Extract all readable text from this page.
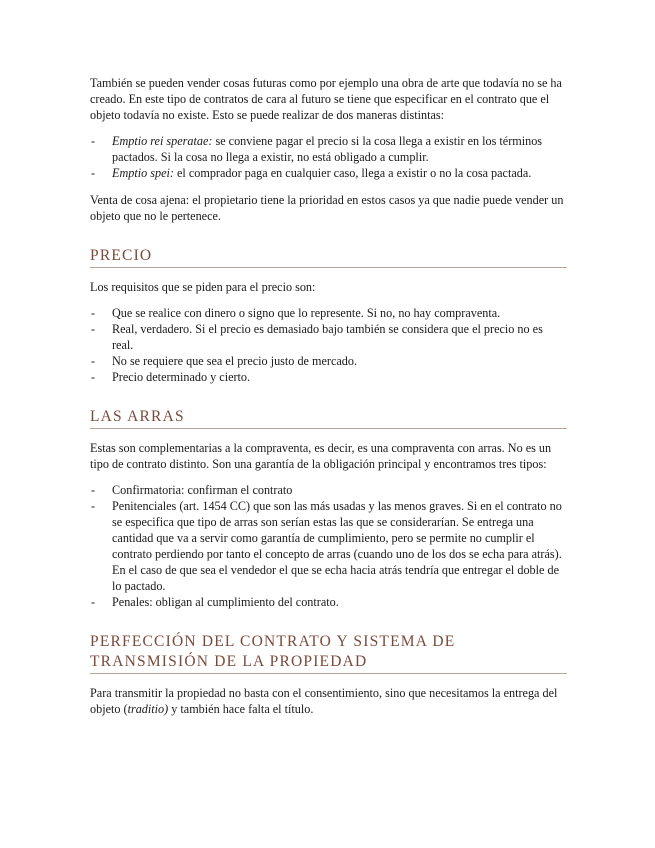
También se pueden vender cosas futuras como por ejemplo una obra de arte que todavía no se ha creado. En este tipo de contratos de cara al futuro se tiene que especificar en el contrato que el objeto todavía no existe. Esto se puede realizar de dos maneras distintas:

- Emptio rei speratae: se conviene pagar el precio si la cosa llega a existir en los términos pactados. Si la cosa no llega a existir, no está obligado a cumplir.
- Emptio spei: el comprador paga en cualquier caso, llega a existir o no la cosa pactada.

Venta de cosa ajena: el propietario tiene la prioridad en estos casos ya que nadie puede vender un objeto que no le pertenece.

PRECIO

Los requisitos que se piden para el precio son:

- Que se realice con dinero o signo que lo represente. Si no, no hay compraventa.
- Real, verdadero. Si el precio es demasiado bajo también se considera que el precio no es real.
- No se requiere que sea el precio justo de mercado.
- Precio determinado y cierto.
LAS ARRAS

Estas son complementarias a la compraventa, es decir, es una compraventa con arras. No es un tipo de contrato distinto. Son una garantía de la obligación principal y encontramos tres tipos:

- Confirmatoria: confirman el contrato
- Penitenciales (art. 1454 CC) que son las más usadas y las menos graves. Si en el contrato no se especifica que tipo de arras son serían estas las que se considerarían. Se entrega una cantidad que va a servir como garantía de cumplimiento, pero se permite no cumplir el contrato perdiendo por tanto el concepto de arras (cuando uno de los dos se echa para atrás). En el caso de que sea el vendedor el que se echa hacia atrás tendría que entregar el doble de lo pactado.
- Penales: obligan al cumplimiento del contrato.
PERFECCIÓN DEL CONTRATO Y SISTEMA DE TRANSMISIÓN DE LA PROPIEDAD

Para transmitir la propiedad no basta con el consentimiento, sino que necesitamos la entrega del objeto (traditio) y también hace falta el título.
